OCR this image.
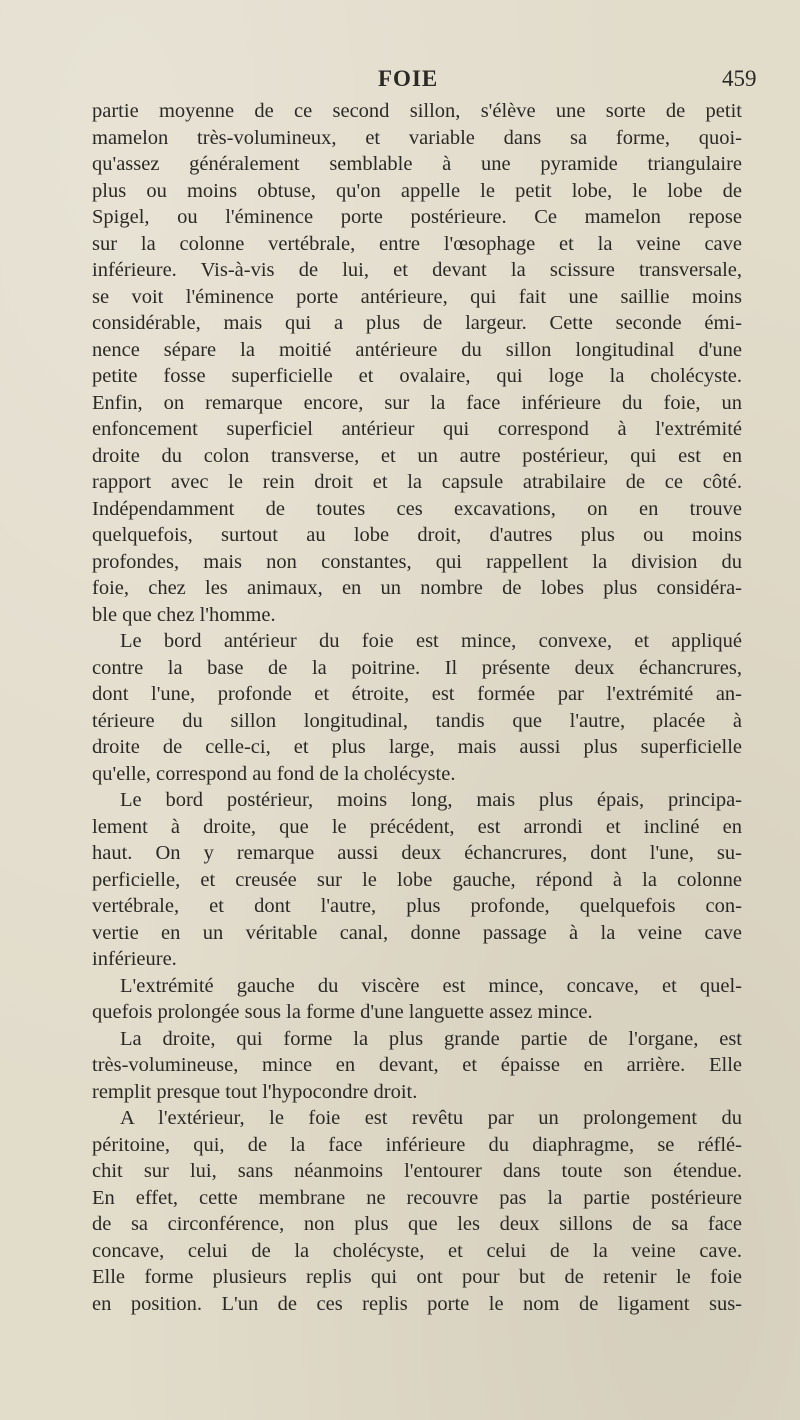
FOIE	459
partie moyenne de ce second sillon, s'élève une sorte de petit
mamelon très-volumineux, et variable dans sa forme, quoi-
qu'assez généralement semblable à une pyramide triangulaire
plus ou moins obtuse, qu'on appelle le petit lobe, le lobe de
Spigel, ou l'éminence porte postérieure. Ce mamelon repose
sur la colonne vertébrale, entre l'œsophage et la veine cave
inférieure. Vis-à-vis de lui, et devant la scissure transversale,
se voit l'éminence porte antérieure, qui fait une saillie moins
considérable, mais qui a plus de largeur. Cette seconde émi-
nence sépare la moitié antérieure du sillon longitudinal d'une
petite fosse superficielle et ovalaire, qui loge la cholécyste.
Enfin, on remarque encore, sur la face inférieure du foie, un
enfoncement superficiel antérieur qui correspond à l'extrémité
droite du colon transverse, et un autre postérieur, qui est en
rapport avec le rein droit et la capsule atrabilaire de ce côté.
Indépendamment de toutes ces excavations, on en trouve
quelquefois, surtout au lobe droit, d'autres plus ou moins
profondes, mais non constantes, qui rappellent la division du
foie, chez les animaux, en un nombre de lobes plus considéra-
ble que chez l'homme.
Le bord antérieur du foie est mince, convexe, et appliqué
contre la base de la poitrine. Il présente deux échancrures,
dont l'une, profonde et étroite, est formée par l'extrémité an-
térieure du sillon longitudinal, tandis que l'autre, placée à
droite de celle-ci, et plus large, mais aussi plus superficielle
qu'elle, correspond au fond de la cholécyste.
Le bord postérieur, moins long, mais plus épais, principa-
lement à droite, que le précédent, est arrondi et incliné en
haut. On y remarque aussi deux échancrures, dont l'une, su-
perficielle, et creusée sur le lobe gauche, répond à la colonne
vertébrale, et dont l'autre, plus profonde, quelquefois con-
vertie en un véritable canal, donne passage à la veine cave
inférieure.
L'extrémité gauche du viscère est mince, concave, et quel-
quefois prolongée sous la forme d'une languette assez mince.
La droite, qui forme la plus grande partie de l'organe, est
très-volumineuse, mince en devant, et épaisse en arrière. Elle
remplit presque tout l'hypocondre droit.
A l'extérieur, le foie est revêtu par un prolongement du
péritoine, qui, de la face inférieure du diaphragme, se réflé-
chit sur lui, sans néanmoins l'entourer dans toute son étendue.
En effet, cette membrane ne recouvre pas la partie postérieure
de sa circonférence, non plus que les deux sillons de sa face
concave, celui de la cholécyste, et celui de la veine cave.
Elle forme plusieurs replis qui ont pour but de retenir le foie
en position. L'un de ces replis porte le nom de ligament sus-
